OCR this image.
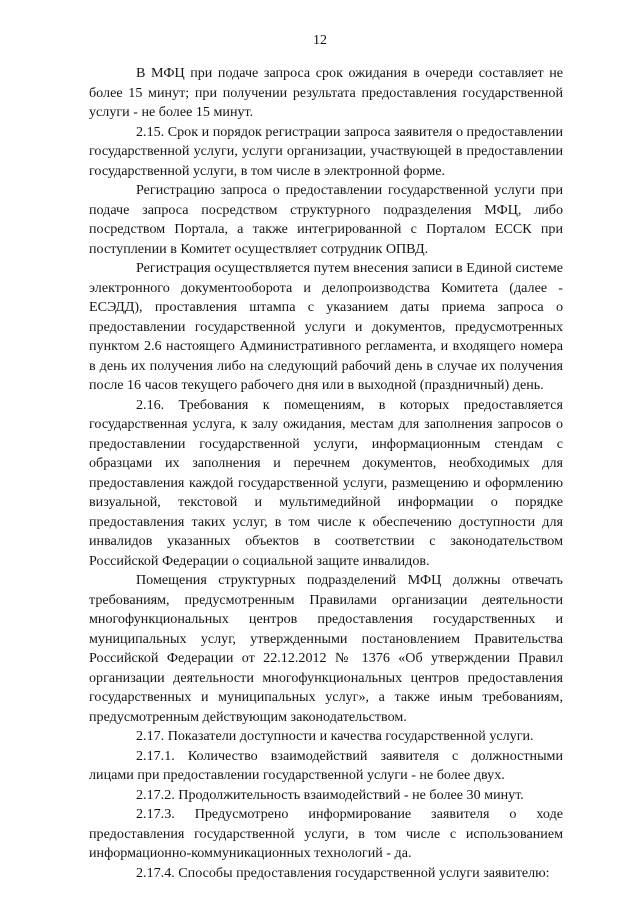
12

В МФЦ при подаче запроса срок ожидания в очереди составляет не более 15 минут; при получении результата предоставления государственной услуги - не более 15 минут.

2.15. Срок и порядок регистрации запроса заявителя о предоставлении государственной услуги, услуги организации, участвующей в предоставлении государственной услуги, в том числе в электронной форме.

Регистрацию запроса о предоставлении государственной услуги при подаче запроса посредством структурного подразделения МФЦ, либо посредством Портала, а также интегрированной с Порталом ЕССК при поступлении в Комитет осуществляет сотрудник ОПВД.

Регистрация осуществляется путем внесения записи в Единой системе электронного документооборота и делопроизводства Комитета (далее - ЕСЭДД), проставления штампа с указанием даты приема запроса о предоставлении государственной услуги и документов, предусмотренных пунктом 2.6 настоящего Административного регламента, и входящего номера в день их получения либо на следующий рабочий день в случае их получения после 16 часов текущего рабочего дня или в выходной (праздничный) день.

2.16. Требования к помещениям, в которых предоставляется государственная услуга, к залу ожидания, местам для заполнения запросов о предоставлении государственной услуги, информационным стендам с образцами их заполнения и перечнем документов, необходимых для предоставления каждой государственной услуги, размещению и оформлению визуальной, текстовой и мультимедийной информации о порядке предоставления таких услуг, в том числе к обеспечению доступности для инвалидов указанных объектов в соответствии с законодательством Российской Федерации о социальной защите инвалидов.

Помещения структурных подразделений МФЦ должны отвечать требованиям, предусмотренным Правилами организации деятельности многофункциональных центров предоставления государственных и муниципальных услуг, утвержденными постановлением Правительства Российской Федерации от 22.12.2012 № 1376 «Об утверждении Правил организации деятельности многофункциональных центров предоставления государственных и муниципальных услуг», а также иным требованиям, предусмотренным действующим законодательством.

2.17. Показатели доступности и качества государственной услуги.

2.17.1. Количество взаимодействий заявителя с должностными лицами при предоставлении государственной услуги - не более двух.

2.17.2. Продолжительность взаимодействий - не более 30 минут.

2.17.3. Предусмотрено информирование заявителя о ходе предоставления государственной услуги, в том числе с использованием информационно-коммуникационных технологий - да.

2.17.4. Способы предоставления государственной услуги заявителю:
